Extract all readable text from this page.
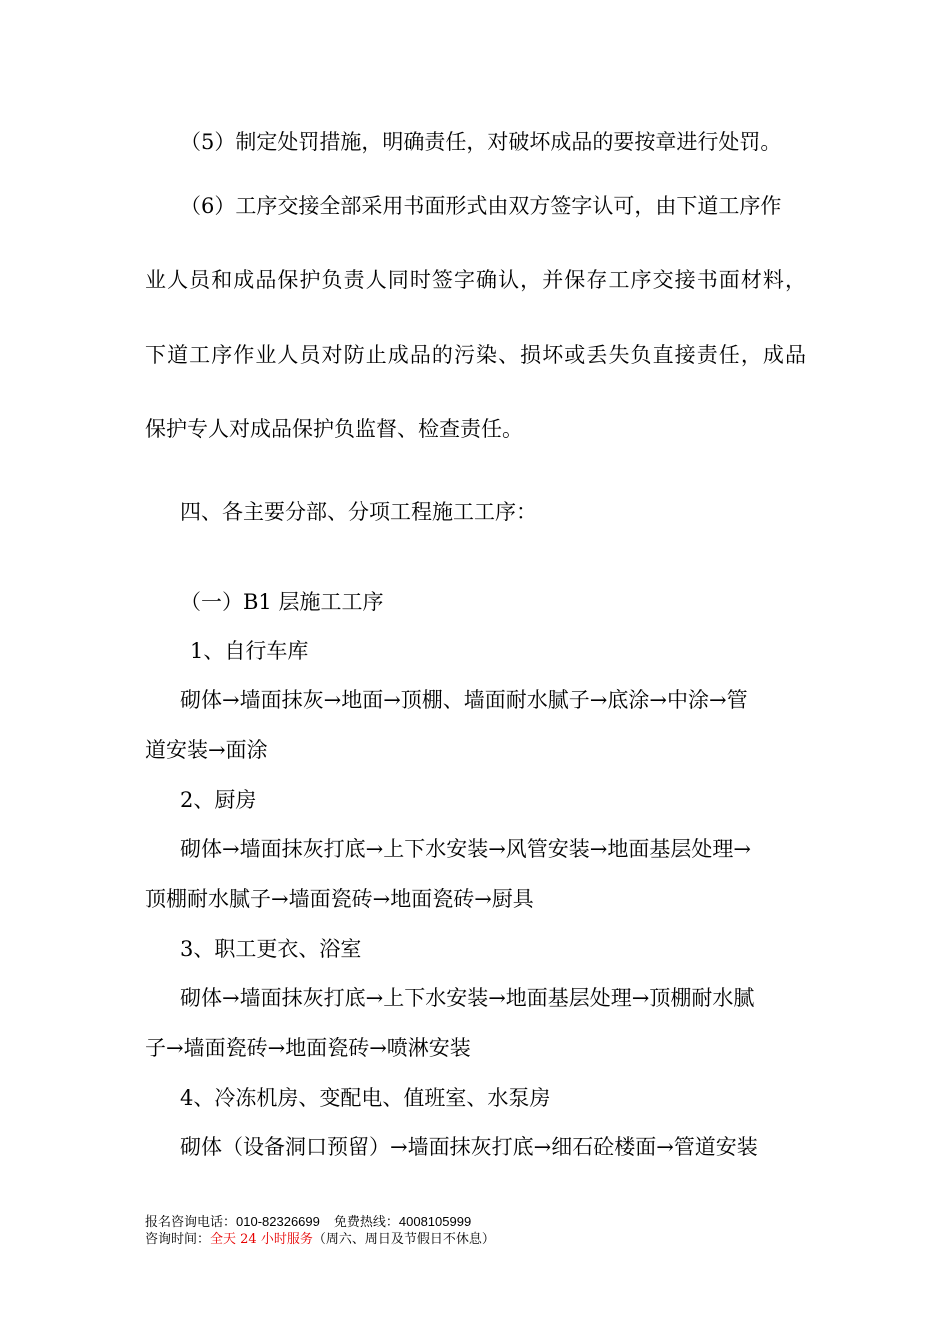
（5）制定处罚措施，明确责任，对破坏成品的要按章进行处罚。
（6）工序交接全部采用书面形式由双方签字认可，由下道工序作
业人员和成品保护负责人同时签字确认，并保存工序交接书面材料，
下道工序作业人员对防止成品的污染、损坏或丢失负直接责任，成品
保护专人对成品保护负监督、检查责任。
四、各主要分部、分项工程施工工序：
（一）B1 层施工工序
1、自行车库
砌体→墙面抹灰→地面→顶棚、墙面耐水腻子→底涂→中涂→管
道安装→面涂
2、厨房
砌体→墙面抹灰打底→上下水安装→风管安装→地面基层处理→
顶棚耐水腻子→墙面瓷砖→地面瓷砖→厨具
3、职工更衣、浴室
砌体→墙面抹灰打底→上下水安装→地面基层处理→顶棚耐水腻
子→墙面瓷砖→地面瓷砖→喷淋安装
4、冷冻机房、变配电、值班室、水泵房
砌体（设备洞口预留）→墙面抹灰打底→细石砼楼面→管道安装
报名咨询电话：010-82326699 免费热线：4008105999
咨询时间：全天 24 小时服务（周六、周日及节假日不休息）
